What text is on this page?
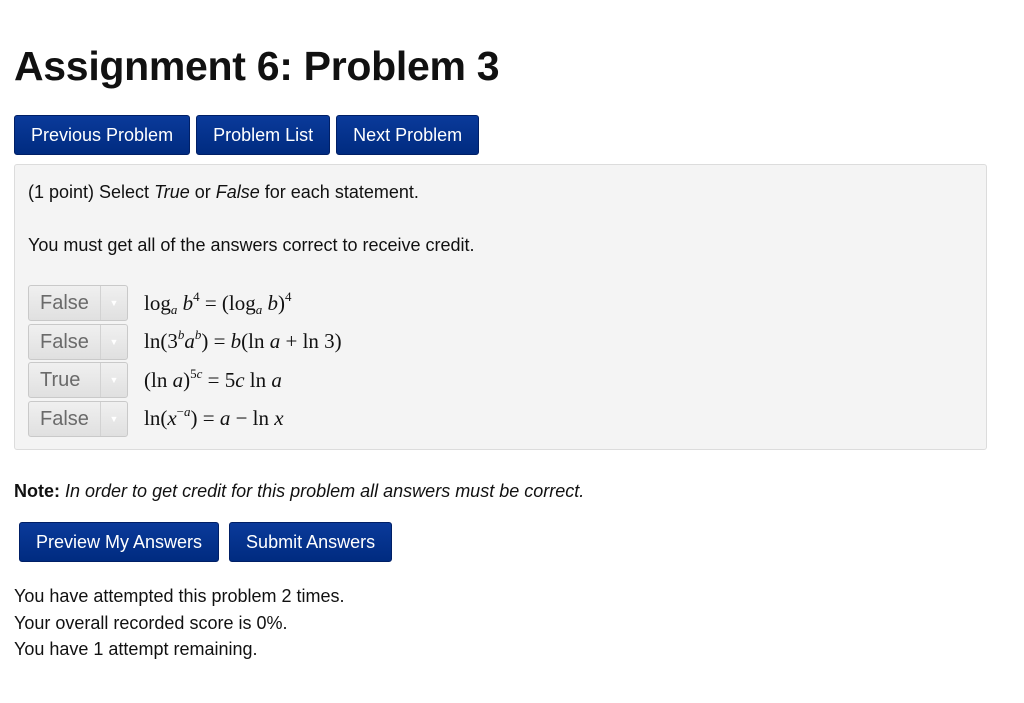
Assignment 6: Problem 3
Previous Problem	Problem List	Next Problem
(1 point) Select True or False for each statement.
You must get all of the answers correct to receive credit.
False	▼	$\log_a b^4 = (\log_a$ b)$^4$
False	▼	$\ln(3^ba^b) = b(\ln$ a + ln 3)
True	▼	(ln a)$^{5c}$ = 5c ln a
False	▼	$\ln(x^{-a}) = a - \ln x$
Note: In order to get credit for this problem all answers must be correct.
Preview My Answers	Submit Answers
You have attempted this problem 2 times.
Your overall recorded score is 0%.
You have 1 attempt remaining.
